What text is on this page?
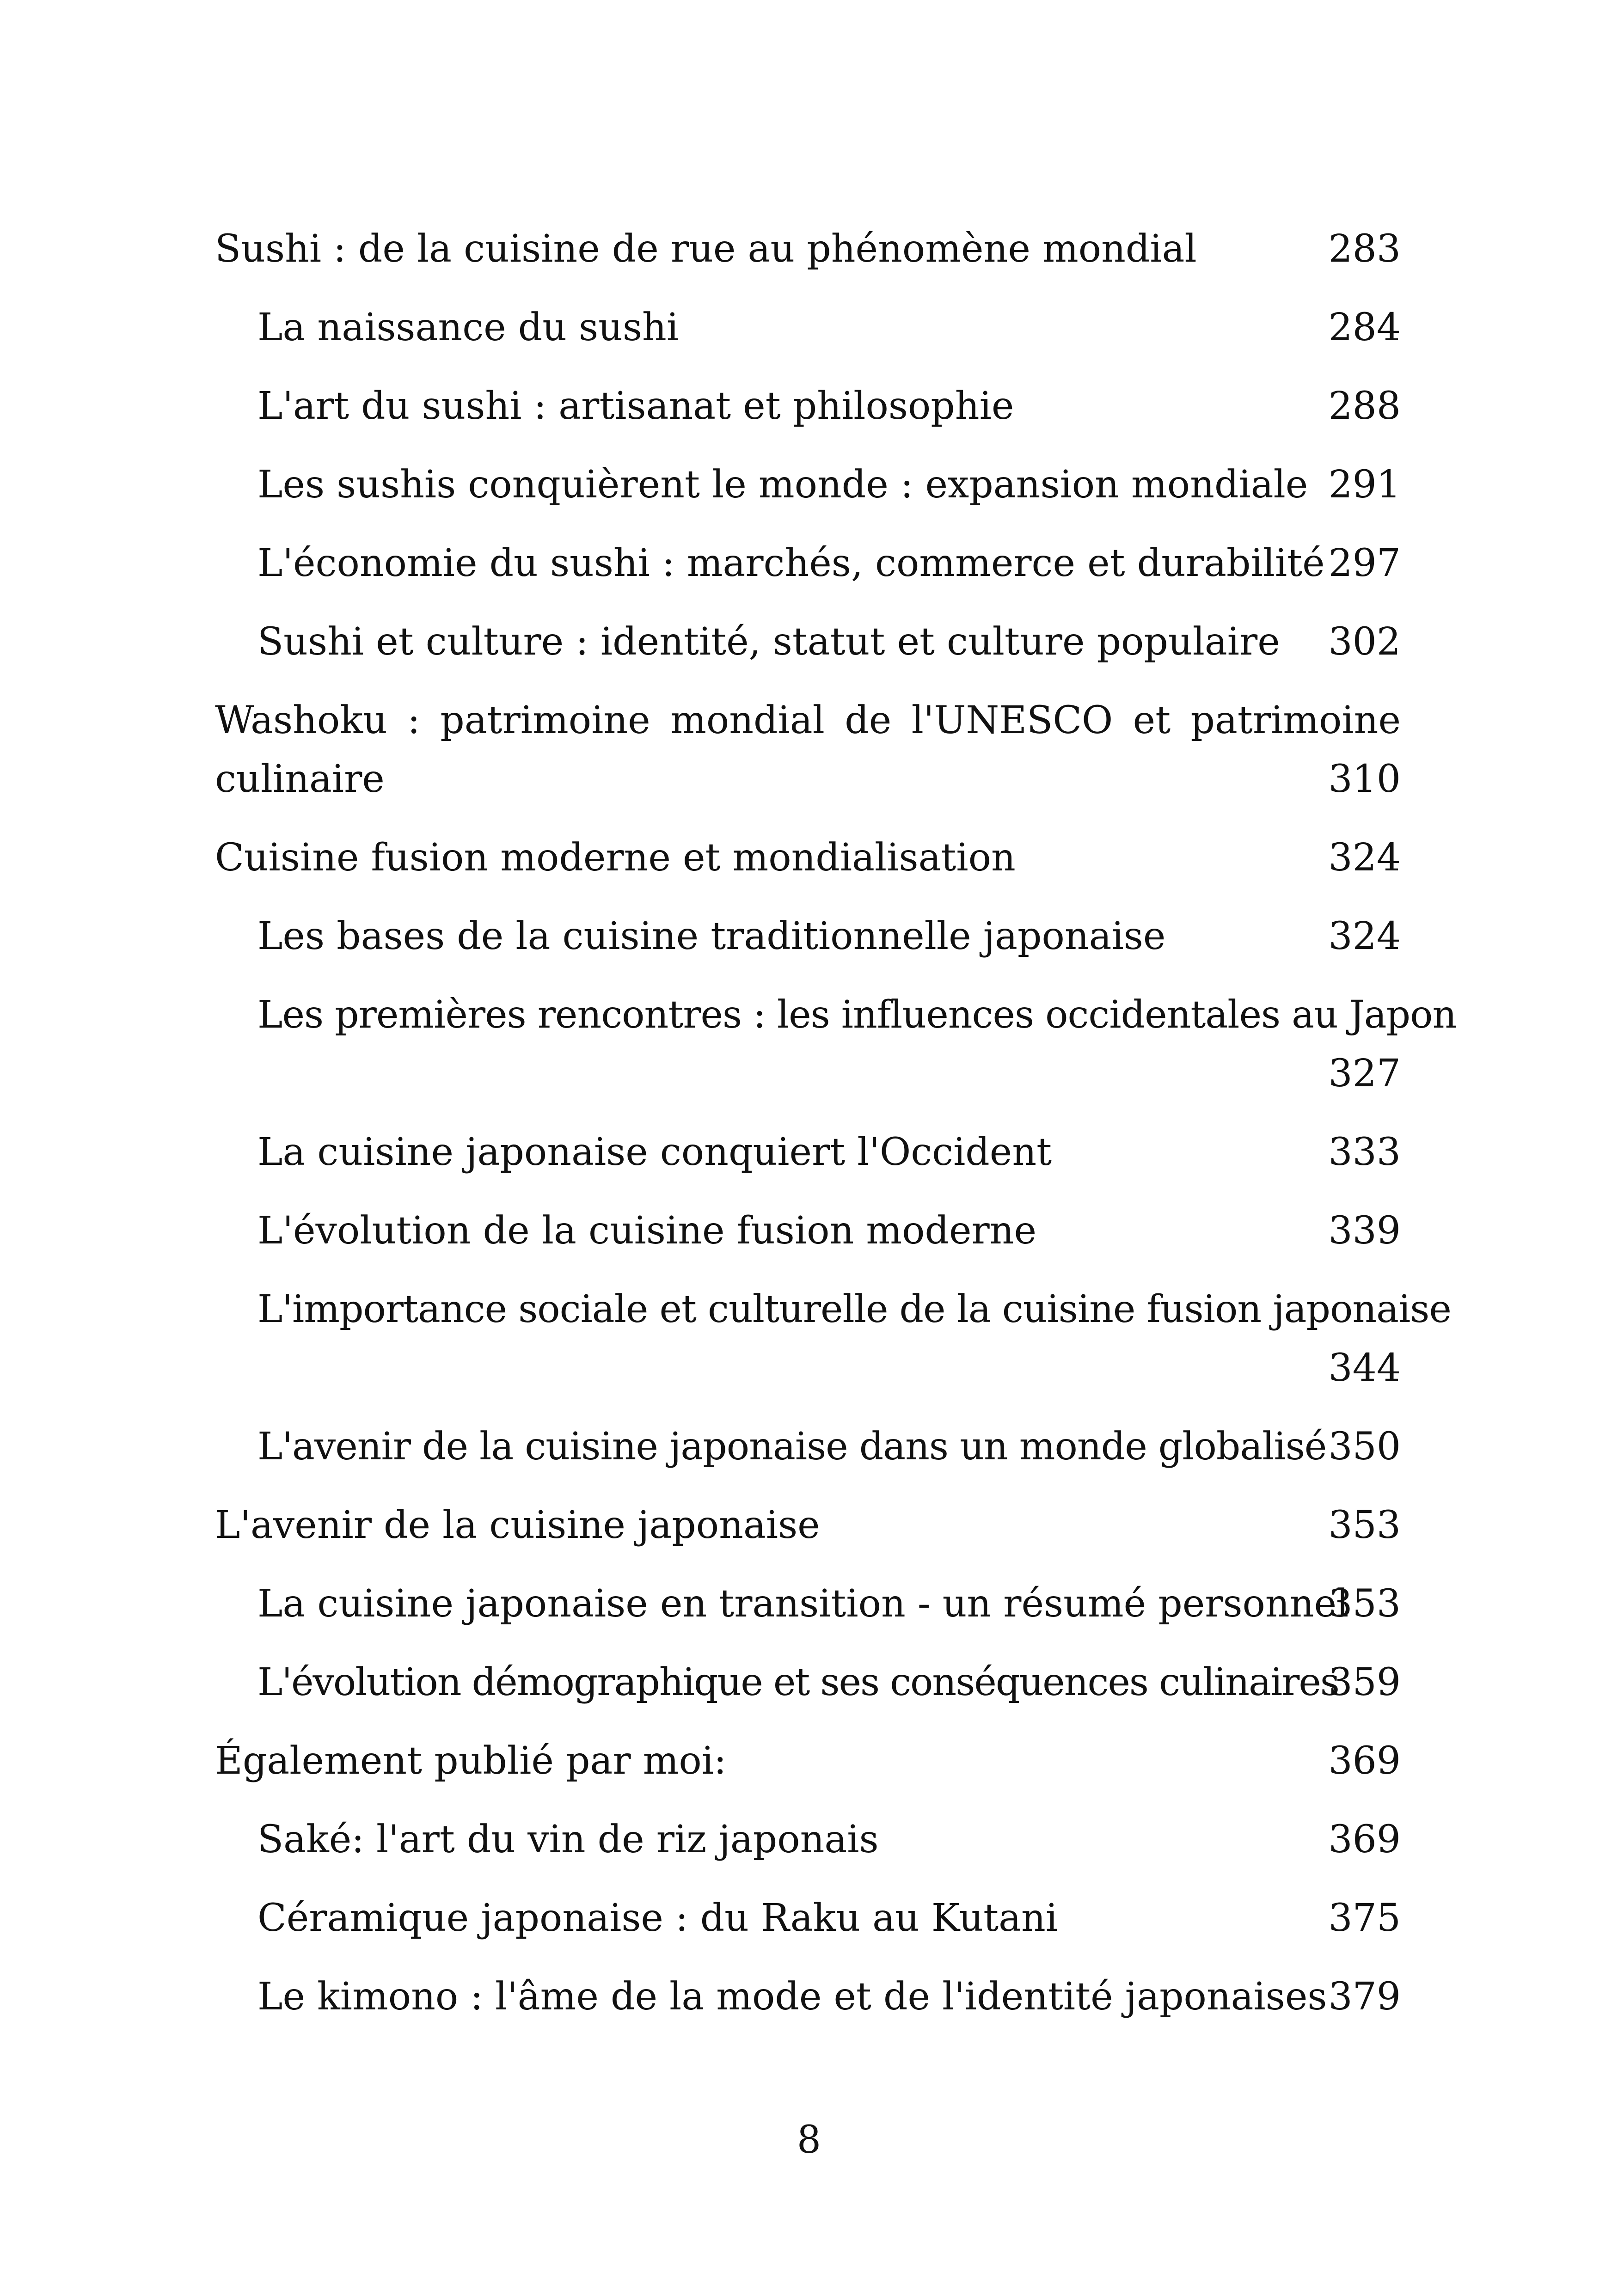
Sushi : de la cuisine de rue au phénomène mondial	283
La naissance du sushi	284
L'art du sushi : artisanat et philosophie	288
Les sushis conquièrent le monde : expansion mondiale 291
L'économie du sushi : marchés, commerce et durabilité 297
Sushi et culture : identité, statut et culture populaire	302
Washoku : patrimoine mondial de l'UNESCO et patrimoine
culinaire	310
Cuisine fusion moderne et mondialisation	324
Les bases de la cuisine traditionnelle japonaise	324
Les premières rencontres : les influences occidentales au Japon
327
La cuisine japonaise conquiert l'Occident	333
L'évolution de la cuisine fusion moderne	339
L'importance sociale et culturelle de la cuisine fusion japonaise
344
L'avenir de la cuisine japonaise dans un monde globalisé 350
L'avenir de la cuisine japonaise	353
La cuisine japonaise en transition - un résumé personnel
353
L'évolution démographique et ses conséquences culinaires
359
Également publié par moi:	369
Saké: l'art du vin de riz japonais	369
Céramique japonaise : du Raku au Kutani	375
Le kimono : l'âme de la mode et de l'identité japonaises 379
8
